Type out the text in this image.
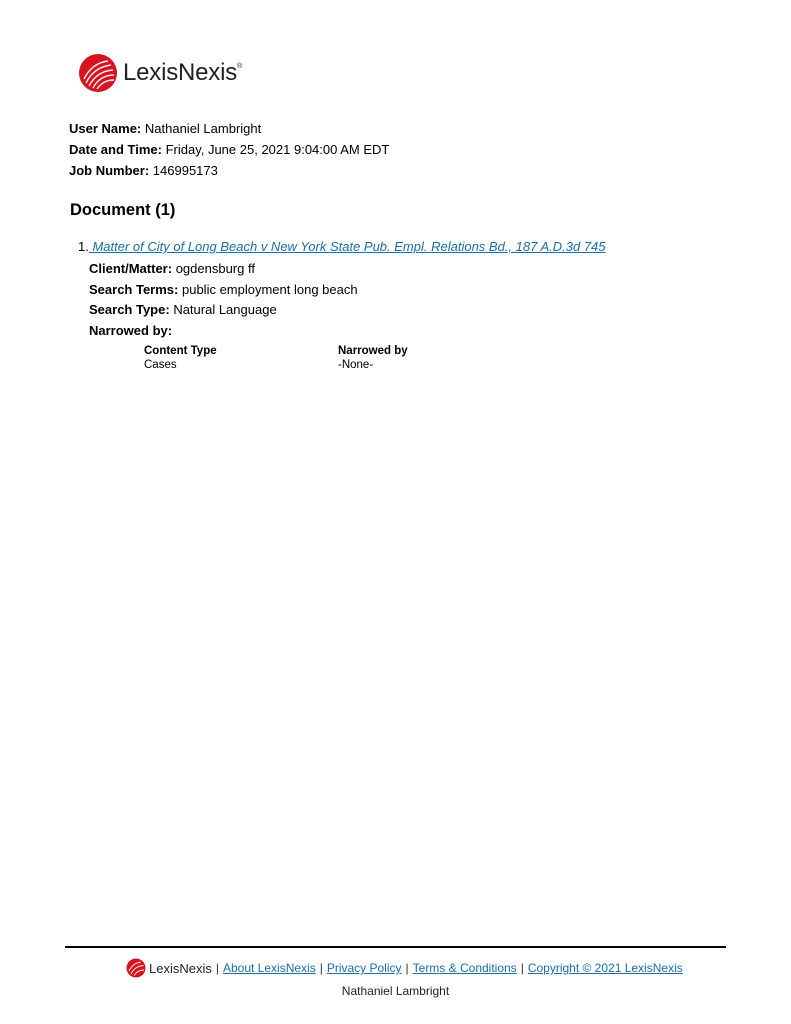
LexisNexis®
User Name: Nathaniel Lambright
Date and Time: Friday, June 25, 2021 9:04:00 AM EDT
Job Number: 146995173
Document (1)
1. Matter of City of Long Beach v New York State Pub. Empl. Relations Bd., 187 A.D.3d 745
Client/Matter: ogdensburg ff
Search Terms: public employment long beach
Search Type: Natural Language
Narrowed by:
Content Type
Cases
Narrowed by
-None-
LexisNexis | About LexisNexis | Privacy Policy | Terms & Conditions | Copyright © 2021 LexisNexis
Nathaniel Lambright
